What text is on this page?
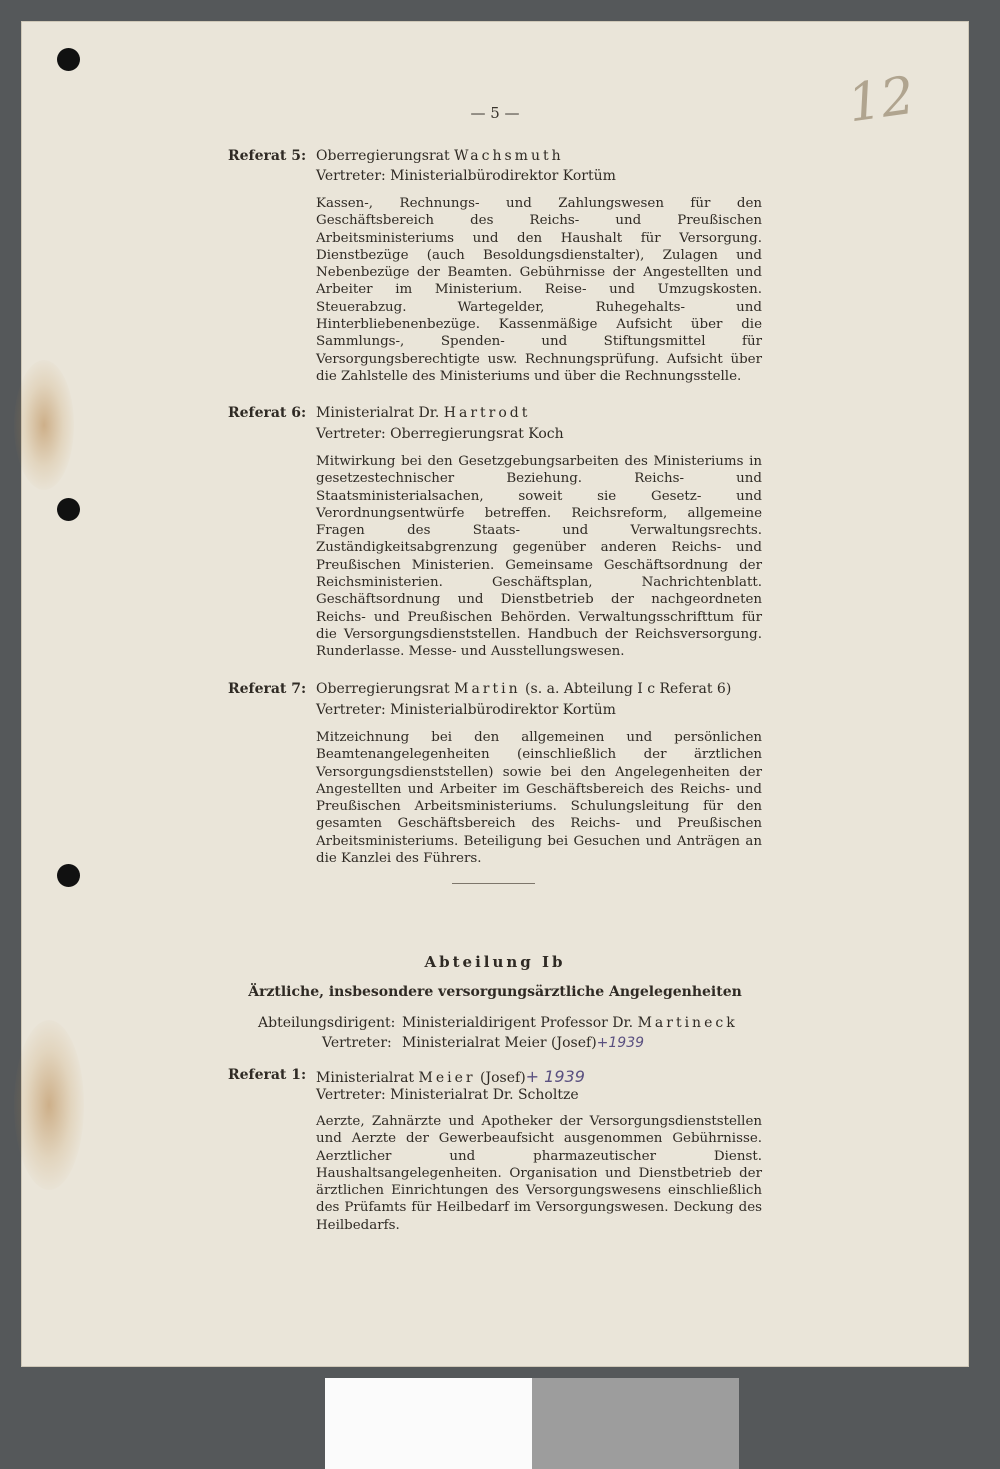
12
— 5 —
Referat 5: Oberregierungsrat Wachsmuth
Vertreter: Ministerialbürodirektor Kortüm
Kassen-, Rechnungs- und Zahlungswesen für den Geschäftsbereich des Reichs- und Preußischen Arbeitsministeriums und den Haushalt für Versorgung. Dienstbezüge (auch Besoldungsdienstalter), Zulagen und Nebenbezüge der Beamten. Gebührnisse der Angestellten und Arbeiter im Ministerium. Reise- und Umzugskosten. Steuerabzug. Wartegelder, Ruhegehalts- und Hinterbliebenenbezüge. Kassenmäßige Aufsicht über die Sammlungs-, Spenden- und Stiftungsmittel für Versorgungsberechtigte usw. Rechnungsprüfung. Aufsicht über die Zahlstelle des Ministeriums und über die Rechnungsstelle.
Referat 6: Ministerialrat Dr. Hartrodt
Vertreter: Oberregierungsrat Koch
Mitwirkung bei den Gesetzgebungsarbeiten des Ministeriums in gesetzestechnischer Beziehung. Reichs- und Staatsministerialsachen, soweit sie Gesetz- und Verordnungsentwürfe betreffen. Reichsreform, allgemeine Fragen des Staats- und Verwaltungsrechts. Zuständigkeitsabgrenzung gegenüber anderen Reichs- und Preußischen Ministerien. Gemeinsame Geschäftsordnung der Reichsministerien. Geschäftsplan, Nachrichtenblatt. Geschäftsordnung und Dienstbetrieb der nachgeordneten Reichs- und Preußischen Behörden. Verwaltungsschrifttum für die Versorgungsdienststellen. Handbuch der Reichsversorgung. Runderlasse. Messe- und Ausstellungswesen.
Referat 7: Oberregierungsrat Martin (s. a. Abteilung I c Referat 6)
Vertreter: Ministerialbürodirektor Kortüm
Mitzeichnung bei den allgemeinen und persönlichen Beamtenangelegenheiten (einschließlich der ärztlichen Versorgungsdienststellen) sowie bei den Angelegenheiten der Angestellten und Arbeiter im Geschäftsbereich des Reichs- und Preußischen Arbeitsministeriums. Schulungsleitung für den gesamten Geschäftsbereich des Reichs- und Preußischen Arbeitsministeriums. Beteiligung bei Gesuchen und Anträgen an die Kanzlei des Führers.
Abteilung Ib
Ärztliche, insbesondere versorgungsärztliche Angelegenheiten
Abteilungsdirigent: Ministerialdirigent Professor Dr. Martineck
Vertreter: Ministerialrat Meier (Josef)+1939
Referat 1: Ministerialrat Meier (Josef)+ 1939
Vertreter: Ministerialrat Dr. Scholtze
Aerzte, Zahnärzte und Apotheker der Versorgungsdienststellen und Aerzte der Gewerbeaufsicht ausgenommen Gebührnisse. Aerztlicher und pharmazeutischer Dienst. Haushaltsangelegenheiten. Organisation und Dienstbetrieb der ärztlichen Einrichtungen des Versorgungswesens einschließlich des Prüfamts für Heilbedarf im Versorgungswesen. Deckung des Heilbedarfs.
